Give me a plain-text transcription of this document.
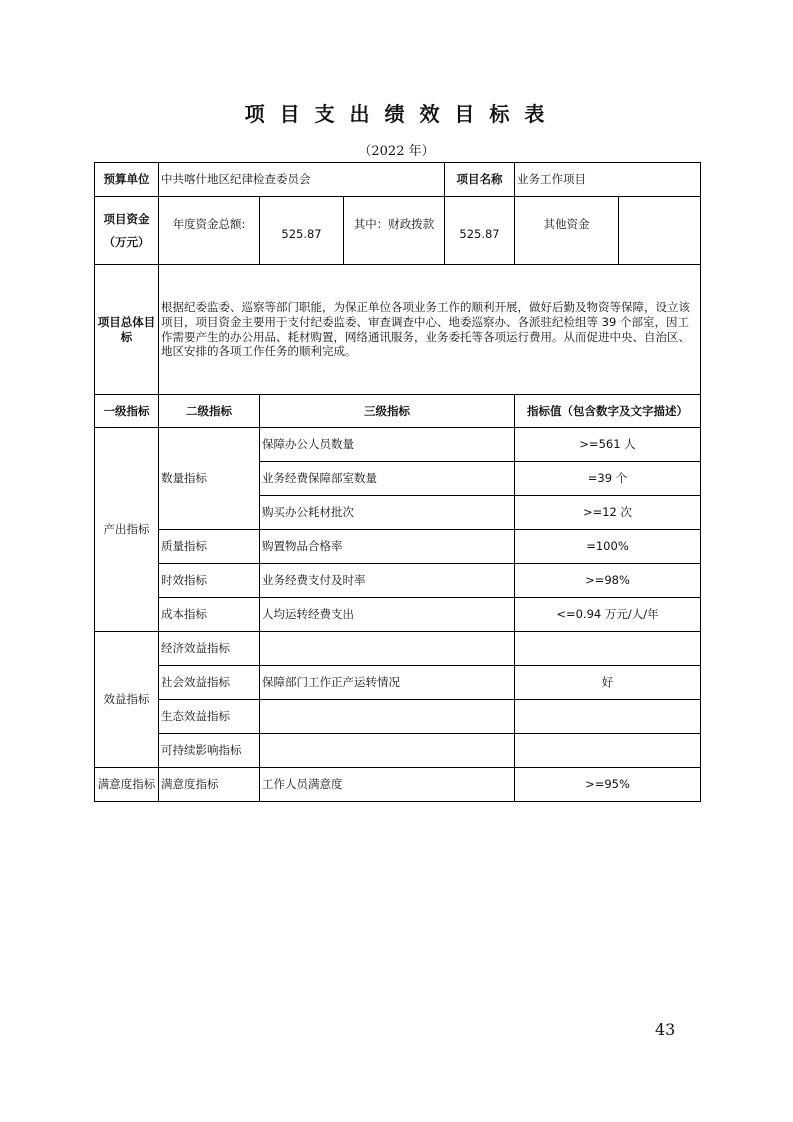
项 目 支 出 绩 效 目 标 表
（2022 年）
预算单位	中共喀什地区纪律检查委员会			项目名称	业务工作项目	

项目资金
（万元）	年度资金总额:	525.87	其中：财政拨款	525.87	其他资金	
项目总体目
标	根据纪委监委、巡察等部门职能，为保正单位各项业务工作的顺利开展，做好后勤及物资等保障，设立该项目，项目资金主要用于支付纪委监委、审查调查中心、地委巡察办、各派驻纪检组等 39 个部室，因工作需要产生的办公用品、耗材购置，网络通讯服务，业务委托等各项运行费用。从而促进中央、自治区、地区安排的各项工作任务的顺利完成。					
一级指标	二级指标	三级指标			指标值（包含数字及文字描述）	
产出指标	数量指标	保障办公人员数量			>=561 人	
		业务经费保障部室数量			=39 个	
		购买办公耗材批次			>=12 次	
	质量指标	购置物品合格率			=100%	
	时效指标	业务经费支付及时率			>=98%	
	成本指标	人均运转经费支出			<=0.94 万元/人/年	
效益指标	经济效益指标					
	社会效益指标	保障部门工作正产运转情况			好	
	生态效益指标					
	可持续影响指标					
满意度指标	满意度指标	工作人员满意度			>=95%	
43
